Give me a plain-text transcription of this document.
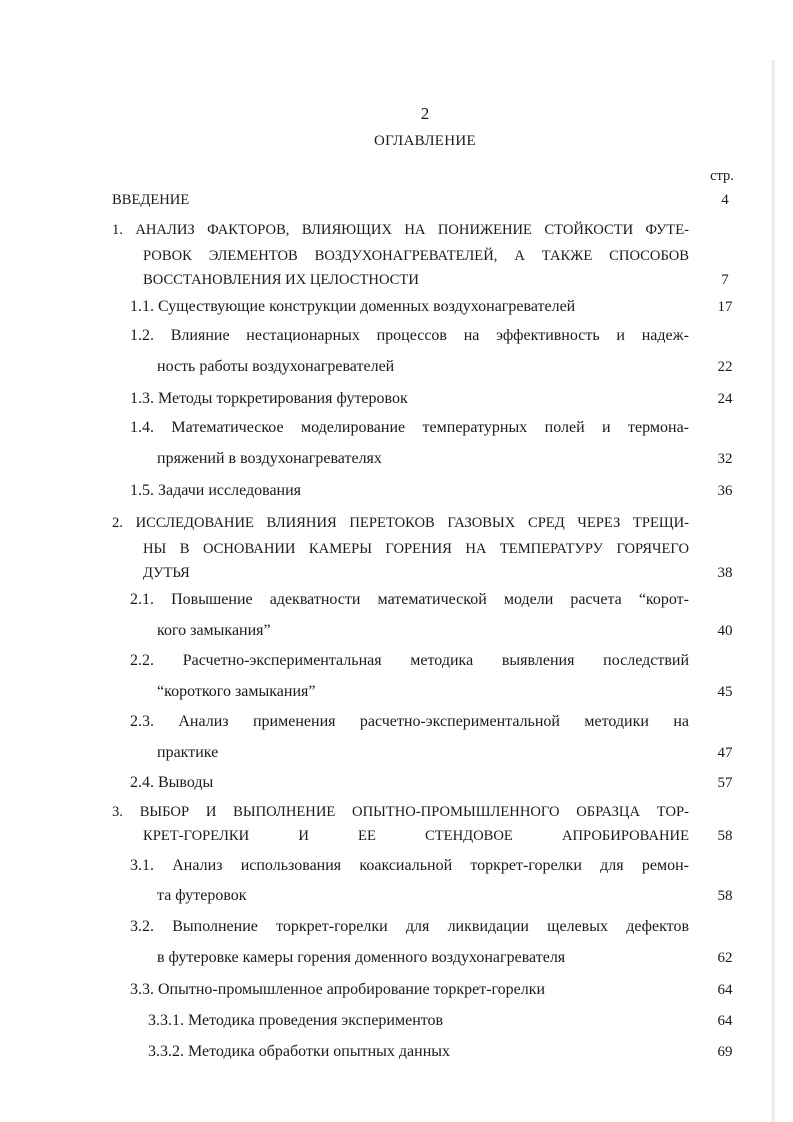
2
ОГЛАВЛЕНИЕ
стр.
ВВЕДЕНИЕ	4
1. АНАЛИЗ ФАКТОРОВ, ВЛИЯЮЩИХ НА ПОНИЖЕНИЕ СТОЙКОСТИ ФУТЕ-
РОВОК ЭЛЕМЕНТОВ ВОЗДУХОНАГРЕВАТЕЛЕЙ, А ТАКЖЕ СПОСОБОВ
ВОССТАНОВЛЕНИЯ ИХ ЦЕЛОСТНОСТИ	7
1.1. Существующие конструкции доменных воздухонагревателей	17
1.2. Влияние нестационарных процессов на эффективность и надеж-
ность работы воздухонагревателей	22
1.3. Методы торкретирования футеровок	24
1.4. Математическое моделирование температурных полей и термона-
пряжений в воздухонагревателях	32
1.5. Задачи исследования	36
2. ИССЛЕДОВАНИЕ ВЛИЯНИЯ ПЕРЕТОКОВ ГАЗОВЫХ СРЕД ЧЕРЕЗ ТРЕЩИ-
НЫ В ОСНОВАНИИ КАМЕРЫ ГОРЕНИЯ НА ТЕМПЕРАТУРУ ГОРЯЧЕГО
ДУТЬЯ	38
2.1. Повышение адекватности математической модели расчета “корот-
кого замыкания”	40
2.2. Расчетно-экспериментальная методика выявления последствий
“короткого замыкания”	45
2.3. Анализ применения расчетно-экспериментальной методики на
практике	47
2.4. Выводы	57
3. ВЫБОР И ВЫПОЛНЕНИЕ ОПЫТНО-ПРОМЫШЛЕННОГО ОБРАЗЦА ТОР-
КРЕТ-ГОРЕЛКИ И ЕЕ СТЕНДОВОЕ АПРОБИРОВАНИЕ	58
3.1. Анализ использования коаксиальной торкрет-горелки для ремон-
та футеровок	58
3.2. Выполнение торкрет-горелки для ликвидации щелевых дефектов
в футеровке камеры горения доменного воздухонагревателя	62
3.3. Опытно-промышленное апробирование торкрет-горелки	64
3.3.1. Методика проведения экспериментов	64
3.3.2. Методика обработки опытных данных	69
